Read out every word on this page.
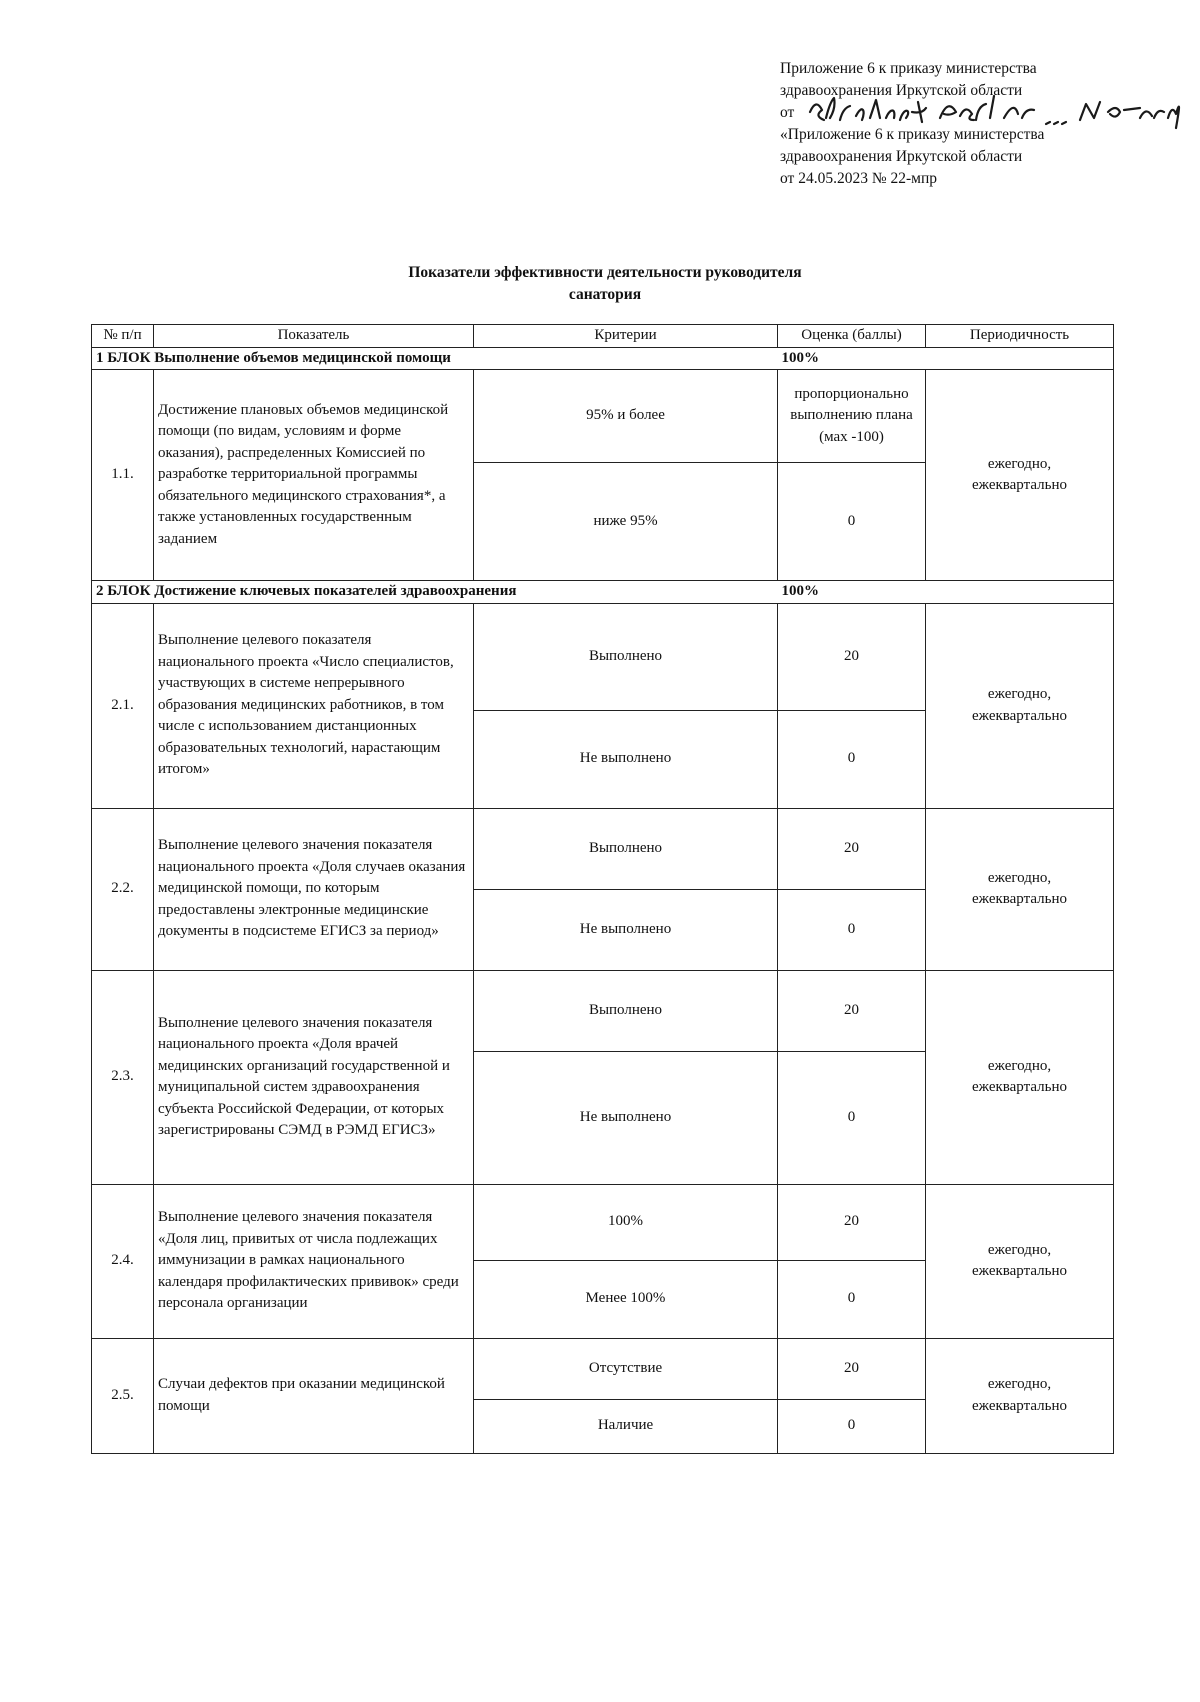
Приложение 6 к приказу министерства
здравоохранения Иркутской области
от
«Приложение 6 к приказу министерства
здравоохранения Иркутской области
от 24.05.2023 № 22-мпр
Показатели эффективности деятельности руководителя
санатория
№ п/п	Показатель	Критерии	Оценка (баллы)	Периодичность
1 БЛОК Выполнение объемов медицинской помощи			100%	
1.1.	Достижение плановых объемов медицинской помощи (по видам, условиям и форме оказания), распределенных Комиссией по разработке территориальной программы обязательного медицинского страхования*, а также установленных государственным заданием	95% и более	пропорционально выполнению плана (мах -100)	ежегодно,
ежеквартально

		ниже 95%	0	
2 БЛОК Достижение ключевых показателей здравоохранения			100%	
2.1.	Выполнение целевого показателя национального проекта «Число специалистов, участвующих в системе непрерывного образования медицинских работников, в том числе с использованием дистанционных образовательных технологий, нарастающим итогом»	Выполнено	20	ежегодно,
ежеквартально

		Не выполнено	0	
2.2.	Выполнение целевого значения показателя национального проекта «Доля случаев оказания медицинской помощи, по которым предоставлены электронные медицинские документы в подсистеме ЕГИСЗ за период»	Выполнено	20	ежегодно,
ежеквартально

		Не выполнено	0	
2.3.	Выполнение целевого значения показателя национального проекта «Доля врачей медицинских организаций государственной и муниципальной систем здравоохранения субъекта Российской Федерации, от которых зарегистрированы СЭМД в РЭМД ЕГИСЗ»	Выполнено	20	ежегодно,
ежеквартально

		Не выполнено	0	
2.4.	Выполнение целевого значения показателя «Доля лиц, привитых от числа подлежащих иммунизации в рамках национального календаря профилактических прививок» среди персонала организации	100%	20	ежегодно,
ежеквартально

		Менее 100%	0	
2.5.	Случаи дефектов при оказании медицинской помощи	Отсутствие	20	ежегодно,
ежеквартально

		Наличие	0	
